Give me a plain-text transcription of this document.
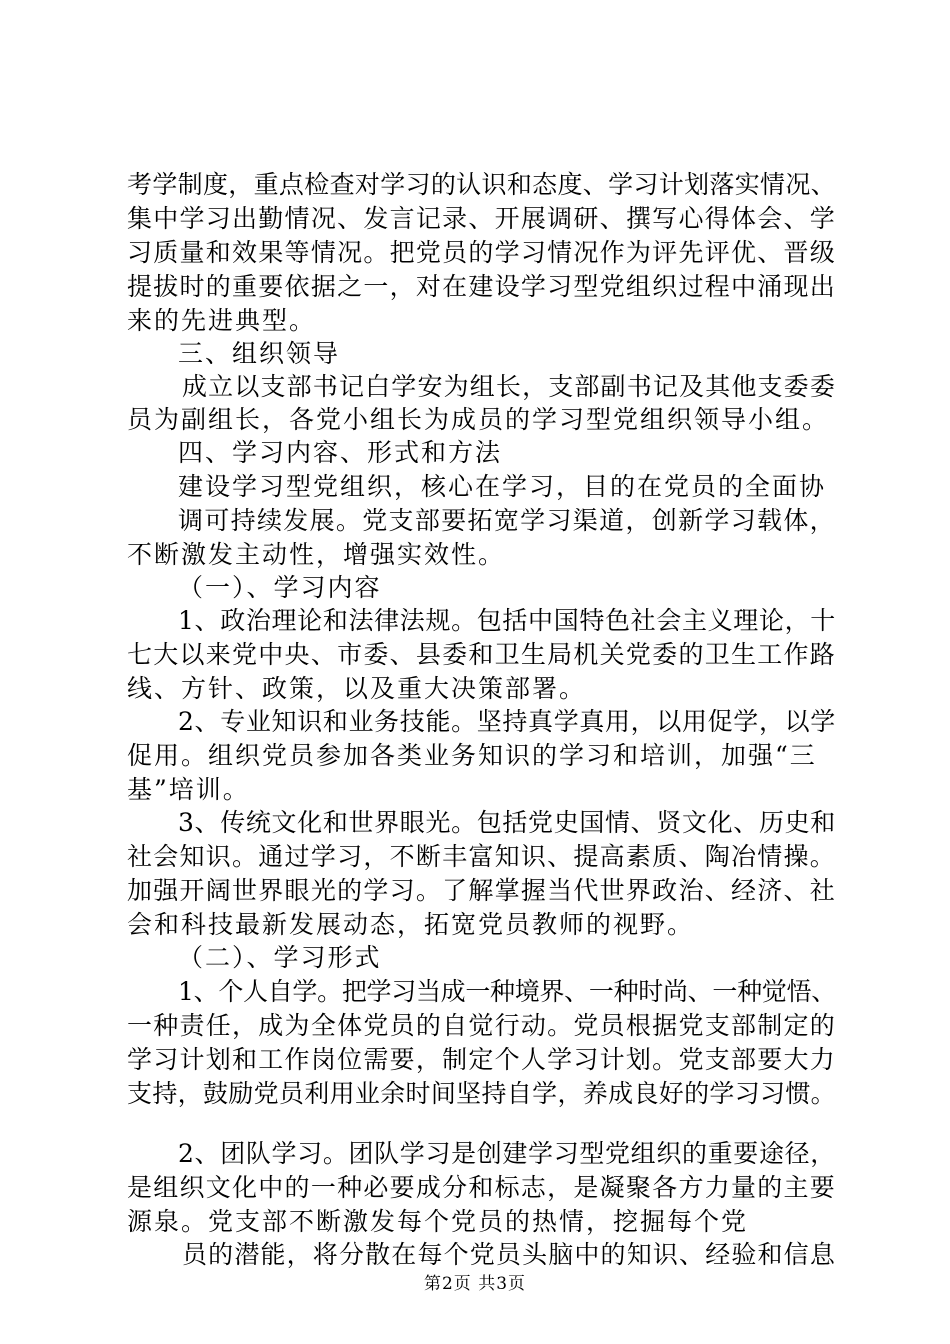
考学制度，重点检查对学习的认识和态度、学习计划落实情况、
集中学习出勤情况、发言记录、开展调研、撰写心得体会、学
习质量和效果等情况。把党员的学习情况作为评先评优、晋级
提拔时的重要依据之一，对在建设学习型党组织过程中涌现出
来的先进典型。
三、组织领导
成立以支部书记白学安为组长，支部副书记及其他支委委
员为副组长，各党小组长为成员的学习型党组织领导小组。
四、学习内容、形式和方法
建设学习型党组织，核心在学习，目的在党员的全面协
调可持续发展。党支部要拓宽学习渠道，创新学习载体，
不断激发主动性，增强实效性。
（一）、学习内容
1、政治理论和法律法规。包括中国特色社会主义理论，十
七大以来党中央、市委、县委和卫生局机关党委的卫生工作路
线、方针、政策，以及重大决策部署。
2、专业知识和业务技能。坚持真学真用，以用促学，以学
促用。组织党员参加各类业务知识的学习和培训，加强“三
基”培训。
3、传统文化和世界眼光。包括党史国情、贤文化、历史和
社会知识。通过学习，不断丰富知识、提高素质、陶冶情操。
加强开阔世界眼光的学习。了解掌握当代世界政治、经济、社
会和科技最新发展动态，拓宽党员教师的视野。
（二）、学习形式
1、个人自学。把学习当成一种境界、一种时尚、一种觉悟、
一种责任，成为全体党员的自觉行动。党员根据党支部制定的
学习计划和工作岗位需要，制定个人学习计划。党支部要大力
支持，鼓励党员利用业余时间坚持自学，养成良好的学习习惯。
2、团队学习。团队学习是创建学习型党组织的重要途径，
是组织文化中的一种必要成分和标志，是凝聚各方力量的主要
源泉。党支部不断激发每个党员的热情，挖掘每个党
员的潜能，将分散在每个党员头脑中的知识、经验和信息
第2页 共3页
